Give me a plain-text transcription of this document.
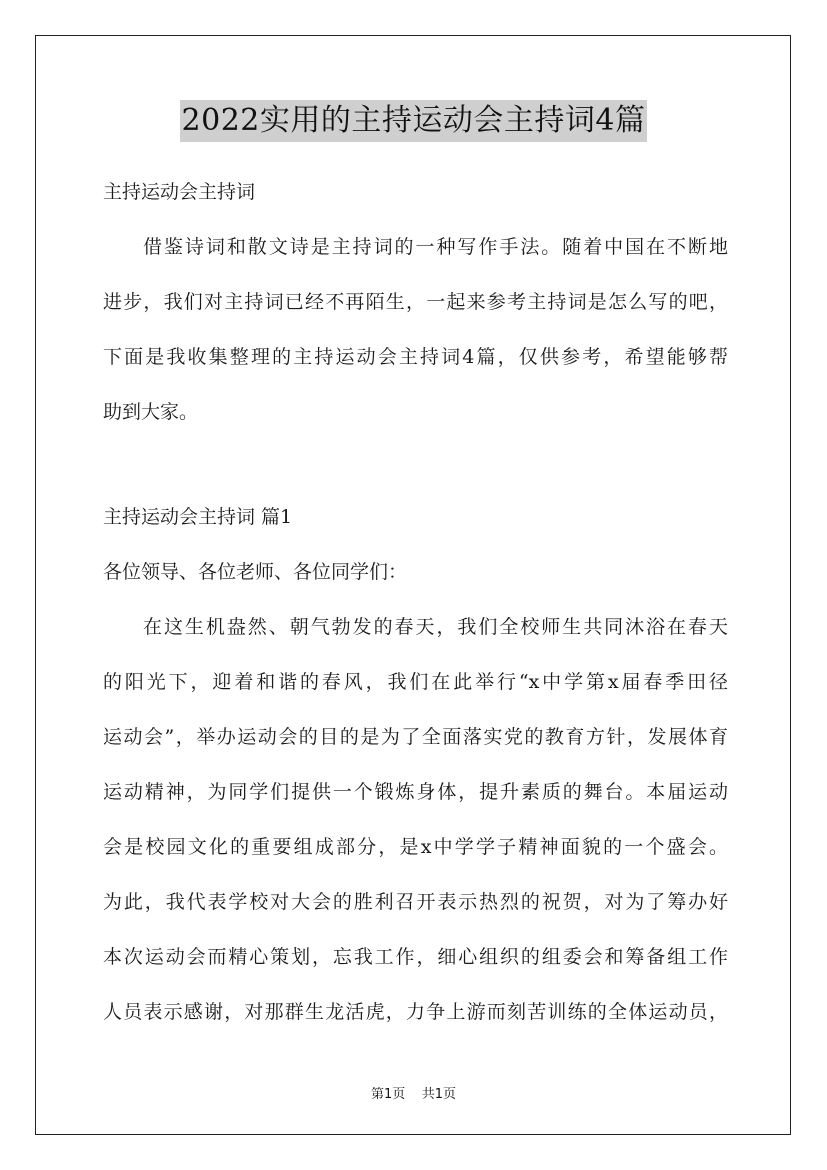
2022实用的主持运动会主持词4篇
主持运动会主持词
借鉴诗词和散文诗是主持词的一种写作手法。随着中国在不断地
进步，我们对主持词已经不再陌生，一起来参考主持词是怎么写的吧，
下面是我收集整理的主持运动会主持词4篇，仅供参考，希望能够帮
助到大家。
主持运动会主持词 篇1
各位领导、各位老师、各位同学们：
在这生机盎然、朝气勃发的春天，我们全校师生共同沐浴在春天
的阳光下，迎着和谐的春风，我们在此举行“x中学第x届春季田径
运动会”，举办运动会的目的是为了全面落实党的教育方针，发展体育
运动精神，为同学们提供一个锻炼身体，提升素质的舞台。本届运动
会是校园文化的重要组成部分，是x中学学子精神面貌的一个盛会。
为此，我代表学校对大会的胜利召开表示热烈的祝贺，对为了筹办好
本次运动会而精心策划，忘我工作，细心组织的组委会和筹备组工作
人员表示感谢，对那群生龙活虎，力争上游而刻苦训练的全体运动员，
第1页 共1页
